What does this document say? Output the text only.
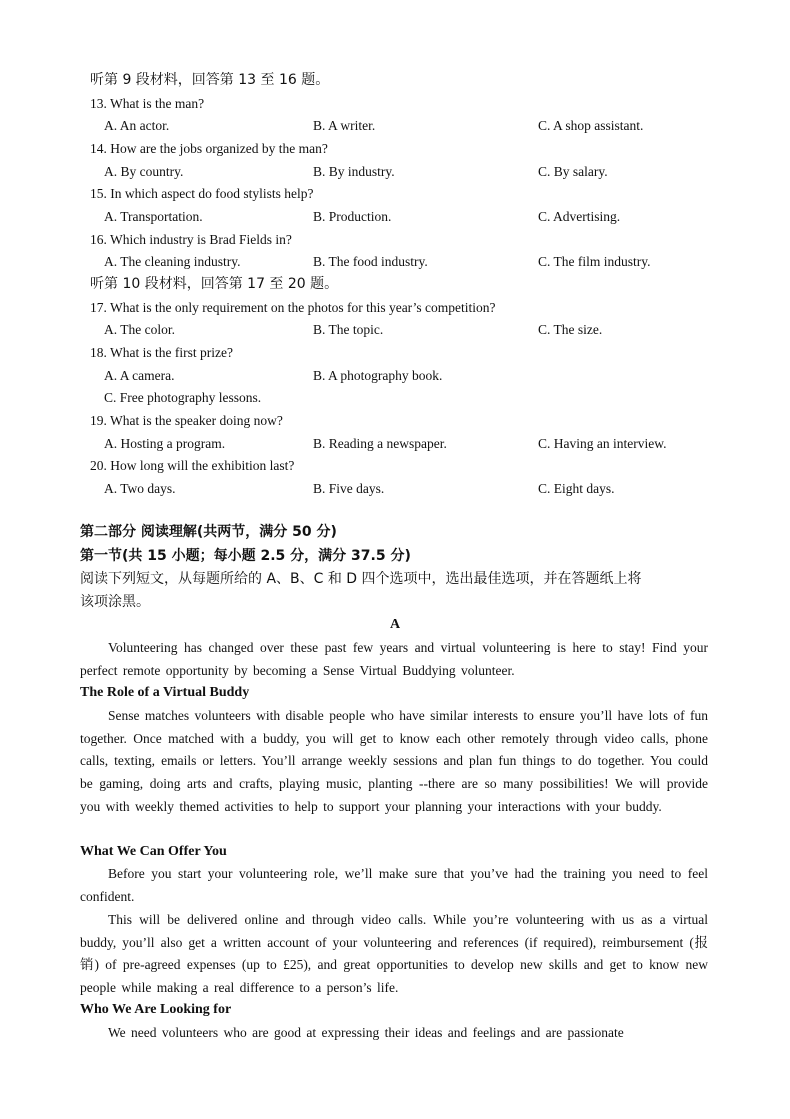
听第 9 段材料，回答第 13 至 16 题。
13. What is the man?
A. An actor.	B. A writer.	C. A shop assistant.
14. How are the jobs organized by the man?
A. By country.	B. By industry.	C. By salary.
15. In which aspect do food stylists help?
A. Transportation.	B. Production.	C. Advertising.
16. Which industry is Brad Fields in?
A. The cleaning industry.	B. The food industry.	C. The film industry.
听第 10 段材料，回答第 17 至 20 题。
17. What is the only requirement on the photos for this year’s competition?
A. The color.	B. The topic.	C. The size.
18. What is the first prize?
A. A camera.	B. A photography book.
C. Free photography lessons.
19. What is the speaker doing now?
A. Hosting a program.	B. Reading a newspaper.	C. Having an interview.
20. How long will the exhibition last?
A. Two days.	B. Five days.	C. Eight days.
第二部分 阅读理解(共两节，满分 50 分)
第一节(共 15 小题；每小题 2.5 分，满分 37.5 分)
阅读下列短文，从每题所给的 A、B、C 和 D 四个选项中，选出最佳选项，并在答题纸上将
该项涂黑。
A
Volunteering has changed over these past few years and virtual volunteering is here to stay! Find your perfect remote opportunity by becoming a Sense Virtual Buddying volunteer.
The Role of a Virtual Buddy
Sense matches volunteers with disable people who have similar interests to ensure you’ll have lots of fun together. Once matched with a buddy, you will get to know each other remotely through video calls, phone calls, texting, emails or letters. You’ll arrange weekly sessions and plan fun things to do together. You could be gaming, doing arts and crafts, playing music, planting --there are so many possibilities! We will provide you with weekly themed activities to help to support your planning your interactions with your buddy.
What We Can Offer You
Before you start your volunteering role, we’ll make sure that you’ve had the training you need to feel confident.
This will be delivered online and through video calls. While you’re volunteering with us as a virtual buddy, you’ll also get a written account of your volunteering and references (if required), reimbursement (报销) of pre-agreed expenses (up to £25), and great opportunities to develop new skills and get to know new people while making a real difference to a person’s life.
Who We Are Looking for
We need volunteers who are good at expressing their ideas and feelings and are passionate
